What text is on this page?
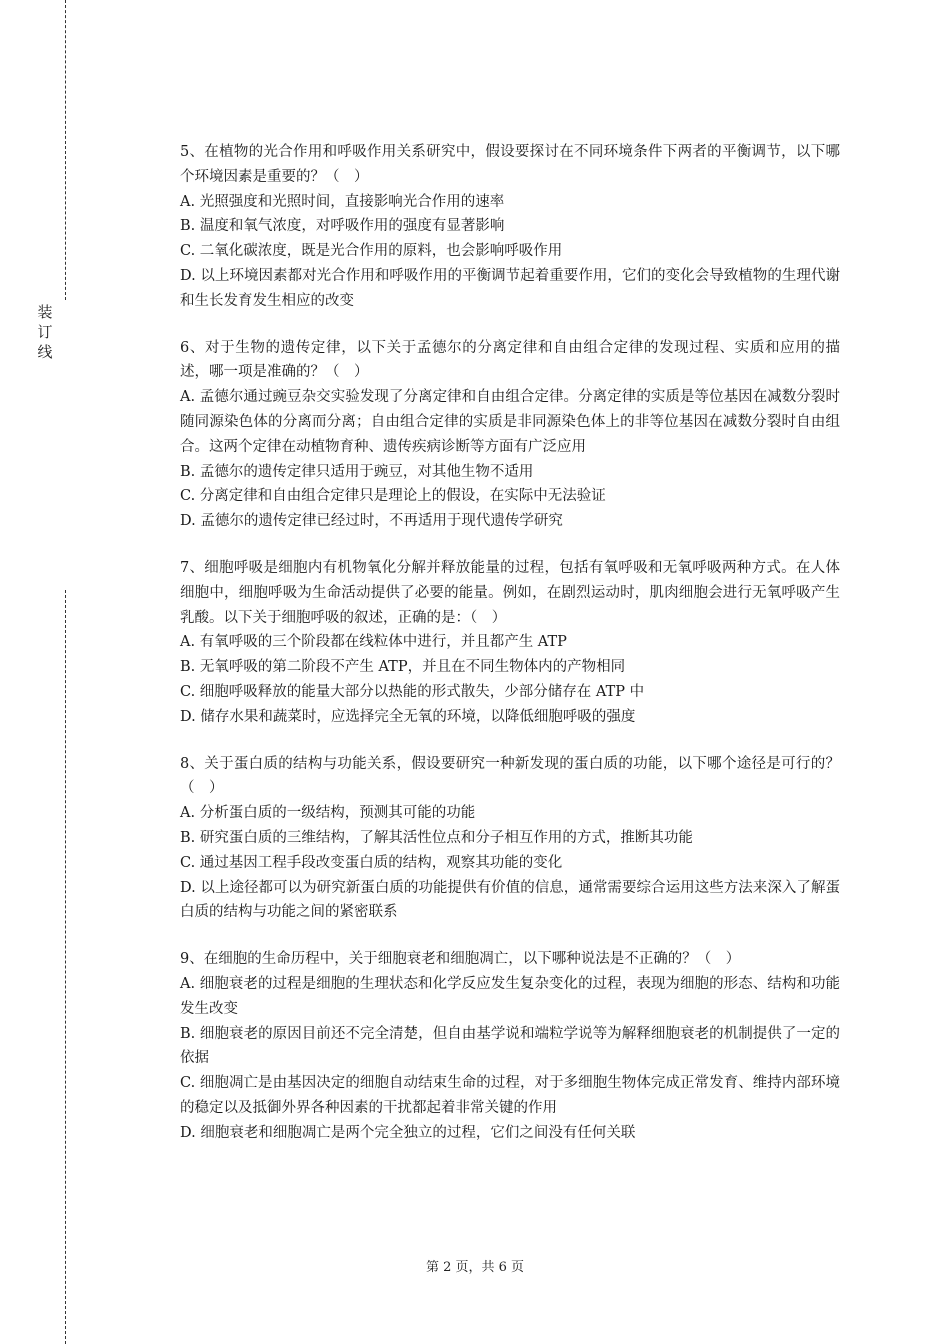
装
订
线

5、在植物的光合作用和呼吸作用关系研究中，假设要探讨在不同环境条件下两者的平衡调节，以下哪个环境因素是重要的？（　）

A. 光照强度和光照时间，直接影响光合作用的速率

B. 温度和氧气浓度，对呼吸作用的强度有显著影响

C. 二氧化碳浓度，既是光合作用的原料，也会影响呼吸作用

D. 以上环境因素都对光合作用和呼吸作用的平衡调节起着重要作用，它们的变化会导致植物的生理代谢和生长发育发生相应的改变

6、对于生物的遗传定律，以下关于孟德尔的分离定律和自由组合定律的发现过程、实质和应用的描述，哪一项是准确的？（　）

A. 孟德尔通过豌豆杂交实验发现了分离定律和自由组合定律。分离定律的实质是等位基因在减数分裂时随同源染色体的分离而分离；自由组合定律的实质是非同源染色体上的非等位基因在减数分裂时自由组合。这两个定律在动植物育种、遗传疾病诊断等方面有广泛应用

B. 孟德尔的遗传定律只适用于豌豆，对其他生物不适用

C. 分离定律和自由组合定律只是理论上的假设，在实际中无法验证

D. 孟德尔的遗传定律已经过时，不再适用于现代遗传学研究

7、细胞呼吸是细胞内有机物氧化分解并释放能量的过程，包括有氧呼吸和无氧呼吸两种方式。在人体细胞中，细胞呼吸为生命活动提供了必要的能量。例如，在剧烈运动时，肌肉细胞会进行无氧呼吸产生乳酸。以下关于细胞呼吸的叙述，正确的是：（　）

A. 有氧呼吸的三个阶段都在线粒体中进行，并且都产生 ATP

B. 无氧呼吸的第二阶段不产生 ATP，并且在不同生物体内的产物相同

C. 细胞呼吸释放的能量大部分以热能的形式散失，少部分储存在 ATP 中

D. 储存水果和蔬菜时，应选择完全无氧的环境，以降低细胞呼吸的强度

8、关于蛋白质的结构与功能关系，假设要研究一种新发现的蛋白质的功能，以下哪个途径是可行的？（　）

A. 分析蛋白质的一级结构，预测其可能的功能

B. 研究蛋白质的三维结构，了解其活性位点和分子相互作用的方式，推断其功能

C. 通过基因工程手段改变蛋白质的结构，观察其功能的变化

D. 以上途径都可以为研究新蛋白质的功能提供有价值的信息，通常需要综合运用这些方法来深入了解蛋白质的结构与功能之间的紧密联系

9、在细胞的生命历程中，关于细胞衰老和细胞凋亡，以下哪种说法是不正确的？（　）

A. 细胞衰老的过程是细胞的生理状态和化学反应发生复杂变化的过程，表现为细胞的形态、结构和功能发生改变

B. 细胞衰老的原因目前还不完全清楚，但自由基学说和端粒学说等为解释细胞衰老的机制提供了一定的依据

C. 细胞凋亡是由基因决定的细胞自动结束生命的过程，对于多细胞生物体完成正常发育、维持内部环境的稳定以及抵御外界各种因素的干扰都起着非常关键的作用

D. 细胞衰老和细胞凋亡是两个完全独立的过程，它们之间没有任何关联

第 2 页，共 6 页
